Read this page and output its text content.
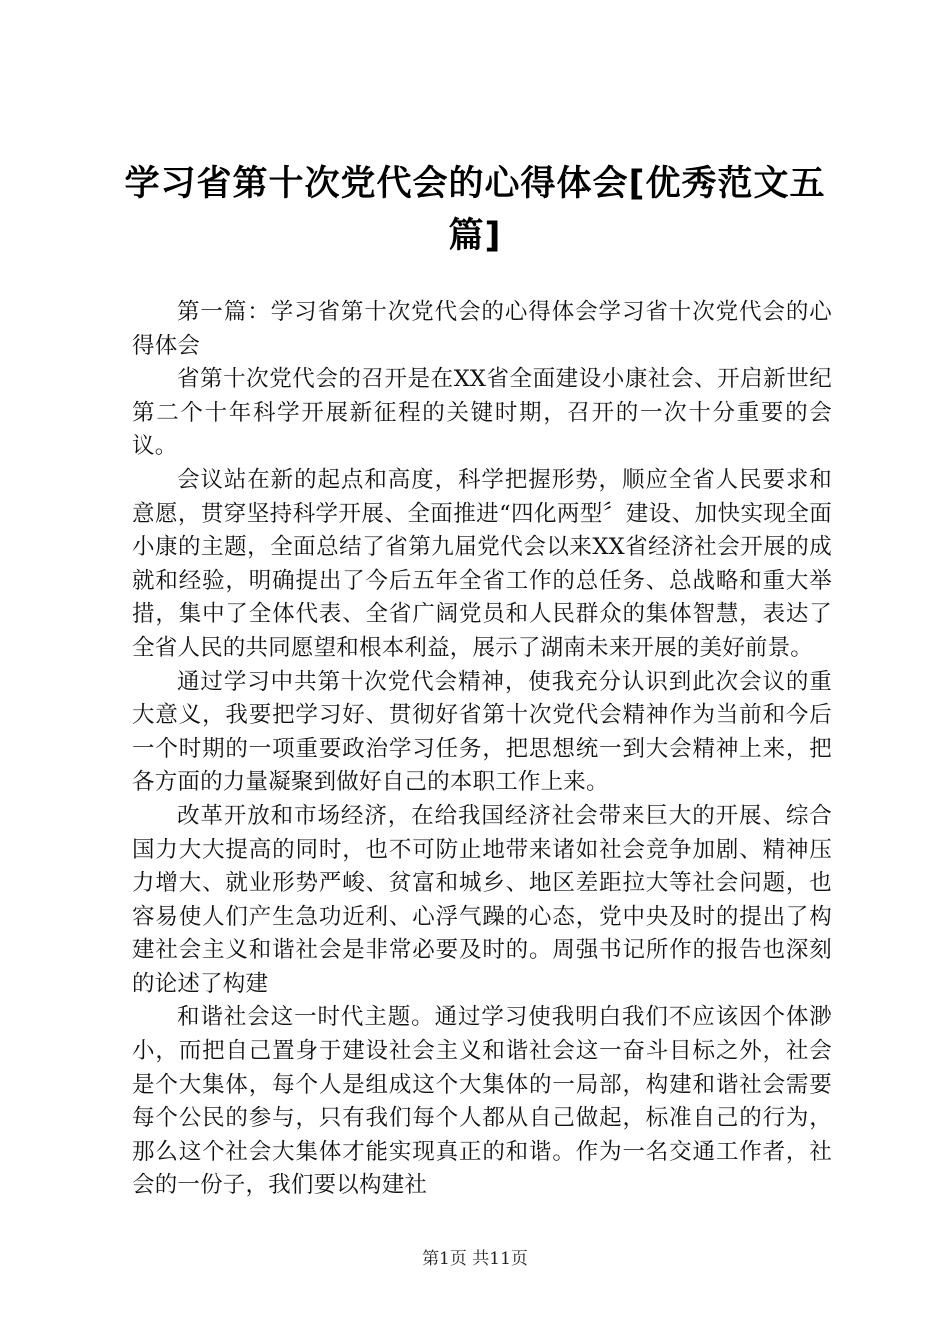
学习省第十次党代会的心得体会[优秀范文五篇]

第一篇：学习省第十次党代会的心得体会学习省十次党代会的心得体会

省第十次党代会的召开是在XX省全面建设小康社会、开启新世纪第二个十年科学开展新征程的关键时期，召开的一次十分重要的会议。

会议站在新的起点和高度，科学把握形势，顺应全省人民要求和意愿，贯穿坚持科学开展、全面推进“四化两型〞建设、加快实现全面小康的主题，全面总结了省第九届党代会以来XX省经济社会开展的成就和经验，明确提出了今后五年全省工作的总任务、总战略和重大举措，集中了全体代表、全省广阔党员和人民群众的集体智慧，表达了全省人民的共同愿望和根本利益，展示了湖南未来开展的美好前景。

通过学习中共第十次党代会精神，使我充分认识到此次会议的重大意义，我要把学习好、贯彻好省第十次党代会精神作为当前和今后一个时期的一项重要政治学习任务，把思想统一到大会精神上来，把各方面的力量凝聚到做好自己的本职工作上来。

改革开放和市场经济，在给我国经济社会带来巨大的开展、综合国力大大提高的同时，也不可防止地带来诸如社会竞争加剧、精神压力增大、就业形势严峻、贫富和城乡、地区差距拉大等社会问题，也容易使人们产生急功近利、心浮气躁的心态，党中央及时的提出了构建社会主义和谐社会是非常必要及时的。周强书记所作的报告也深刻的论述了构建

和谐社会这一时代主题。通过学习使我明白我们不应该因个体渺小，而把自己置身于建设社会主义和谐社会这一奋斗目标之外，社会是个大集体，每个人是组成这个大集体的一局部，构建和谐社会需要每个公民的参与，只有我们每个人都从自己做起，标准自己的行为，那么这个社会大集体才能实现真正的和谐。作为一名交通工作者，社会的一份子，我们要以构建社

第1页 共11页
